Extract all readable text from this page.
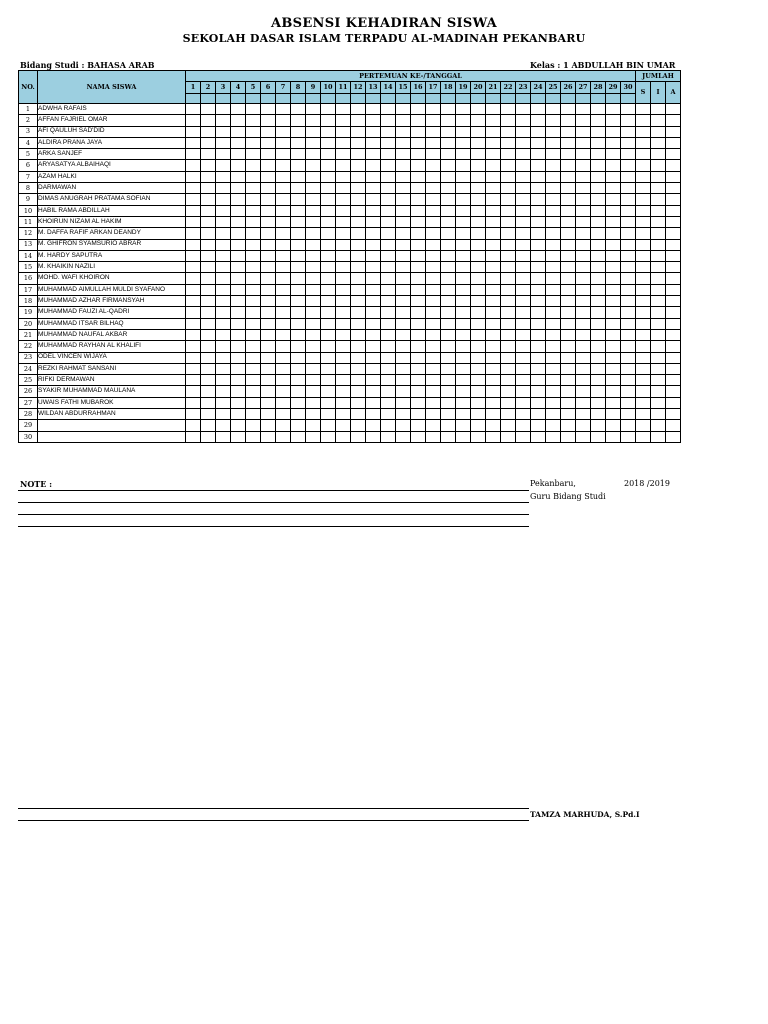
ABSENSI KEHADIRAN SISWA
SEKOLAH DASAR ISLAM TERPADU AL-MADINAH PEKANBARU
Bidang Studi : BAHASA ARAB	Kelas : 1 ABDULLAH BIN UMAR
NO.	NAMA SISWA	PERTEMUAN KE-/TANGGAL																														JUMLAH		
		1	2	3	4	5	6	7	8	9	10	11	12	13	14	15	16	17	18	19	20	21	22	23	24	25	26	27	28	29	30	S	I	A

1	ADWHA RAFAIS																																	
2	AFFAN FAJRIEL OMAR																																	
3	AFI QAULUH SAD'DID																																	
4	ALDIRA PRANA JAYA																																	
5	ARKA SANJEF																																	
6	ARYASATYA ALBAIHAQI																																	
7	AZAM HALKI																																	
8	DARMAWAN																																	
9	DIMAS ANUGRAH PRATAMA SOFIAN																																	
10	HABIL RAMA ABDILLAH																																	
11	KHOIRUN NIZAM AL HAKIM																																	
12	M. DAFFA RAFIF ARKAN DEANDY																																	
13	M. GHIFRON SYAMSURIO ABRAR																																	
14	M. HARDY SAPUTRA																																	
15	M. KHAIKIN NAZILI																																	
16	MOHD. WAFI KHOIRON																																	
17	MUHAMMAD AIMULLAH MULDI SYAFANO																																	
18	MUHAMMAD AZHAR FIRMANSYAH																																	
19	MUHAMMAD FAUZI AL-QADRI																																	
20	MUHAMMAD ITSAR BILHAQ																																	
21	MUHAMMAD NAUFAL AKBAR																																	
22	MUHAMMAD RAYHAN AL KHALIFI																																	
23	ODEL VINCEN WIJAYA																																	
24	REZKI RAHMAT SANSANI																																	
25	RIFKI DERMAWAN																																	
26	SYAKIR MUHAMMAD MAULANA																																	
27	UWAIS FATHI MUBAROK																																	
28	WILDAN ABDURRAHMAN																																	
29																																		
30																																		
NOTE :	Pekanbaru,	2018 /2019
Guru Bidang Studi
TAMZA MARHUDA, S.Pd.I
